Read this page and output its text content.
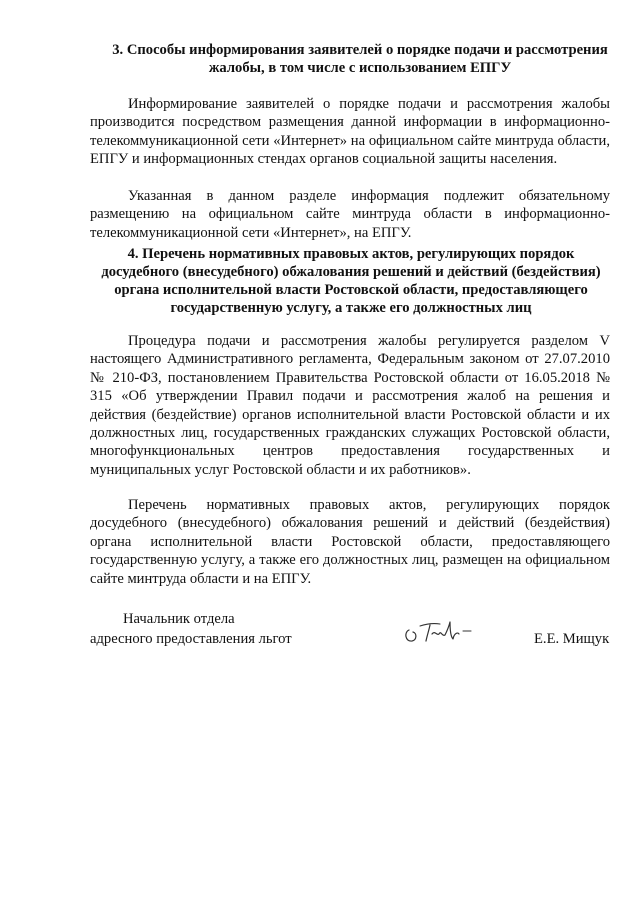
3. Способы информирования заявителей о порядке подачи и рассмотрения жалобы, в том числе с использованием ЕПГУ

Информирование заявителей о порядке подачи и рассмотрения жалобы производится посредством размещения данной информации в информационно-телекоммуникационной сети «Интернет» на официальном сайте минтруда области, ЕПГУ и информационных стендах органов социальной защиты населения.

Указанная в данном разделе информация подлежит обязательному размещению на официальном сайте минтруда области в информационно-телекоммуникационной сети «Интернет», на ЕПГУ.

4. Перечень нормативных правовых актов, регулирующих порядок досудебного (внесудебного) обжалования решений и действий (бездействия) органа исполнительной власти Ростовской области, предоставляющего государственную услугу, а также его должностных лиц

Процедура подачи и рассмотрения жалобы регулируется разделом V настоящего Административного регламента, Федеральным законом от 27.07.2010 № 210-ФЗ, постановлением Правительства Ростовской области от 16.05.2018 № 315 «Об утверждении Правил подачи и рассмотрения жалоб на решения и действия (бездействие) органов исполнительной власти Ростовской области и их должностных лиц, государственных гражданских служащих Ростовской области, многофункциональных центров предоставления государственных и муниципальных услуг Ростовской области и их работников».

Перечень нормативных правовых актов, регулирующих порядок досудебного (внесудебного) обжалования решений и действий (бездействия) органа исполнительной власти Ростовской области, предоставляющего государственную услугу, а также его должностных лиц, размещен на официальном сайте минтруда области и на ЕПГУ.

Начальник отдела
адресного предоставления льгот	Е.Е. Мищук
